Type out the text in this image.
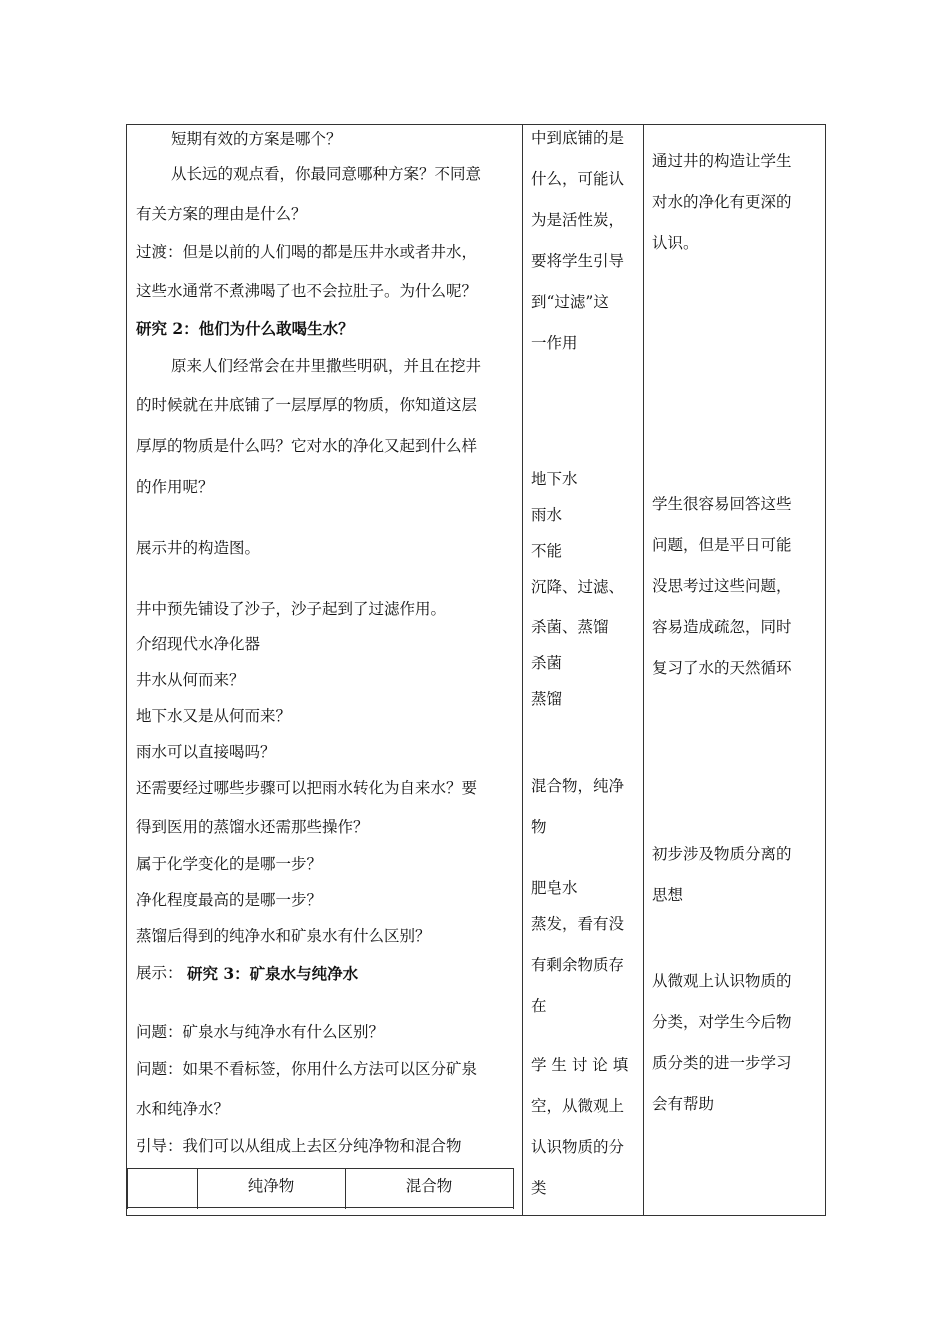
短期有效的方案是哪个？

从长远的观点看，你最同意哪种方案？不同意

有关方案的理由是什么？

过渡：但是以前的人们喝的都是压井水或者井水，

这些水通常不煮沸喝了也不会拉肚子。为什么呢？

研究 2：他们为什么敢喝生水？

原来人们经常会在井里撒些明矾，并且在挖井

的时候就在井底铺了一层厚厚的物质，你知道这层

厚厚的物质是什么吗？它对水的净化又起到什么样

的作用呢？

展示井的构造图。

井中预先铺设了沙子，沙子起到了过滤作用。

介绍现代水净化器

井水从何而来？

地下水又是从何而来？

雨水可以直接喝吗？

还需要经过哪些步骤可以把雨水转化为自来水？要

得到医用的蒸馏水还需那些操作？

属于化学变化的是哪一步？

净化程度最高的是哪一步？

蒸馏后得到的纯净水和矿泉水有什么区别？

展示： 研究 3：矿泉水与纯净水

问题：矿泉水与纯净水有什么区别？

问题：如果不看标签，你用什么方法可以区分矿泉

水和纯净水？

引导：我们可以从组成上去区分纯净物和混合物

中到底铺的是

什么，可能认

为是活性炭，

要将学生引导

到“过滤”这

一作用

地下水

雨水

不能

沉降、过滤、

杀菌、蒸馏

杀菌

蒸馏

混合物，纯净

物

肥皂水

蒸发，看有没

有剩余物质存

在

学 生 讨 论 填

空，从微观上

认识物质的分

类

通过井的构造让学生

对水的净化有更深的

认识。

学生很容易回答这些

问题，但是平日可能

没思考过这些问题，

容易造成疏忽，同时

复习了水的天然循环

初步涉及物质分离的

思想

从微观上认识物质的

分类，对学生今后物

质分类的进一步学习

会有帮助

纯净物	混合物
